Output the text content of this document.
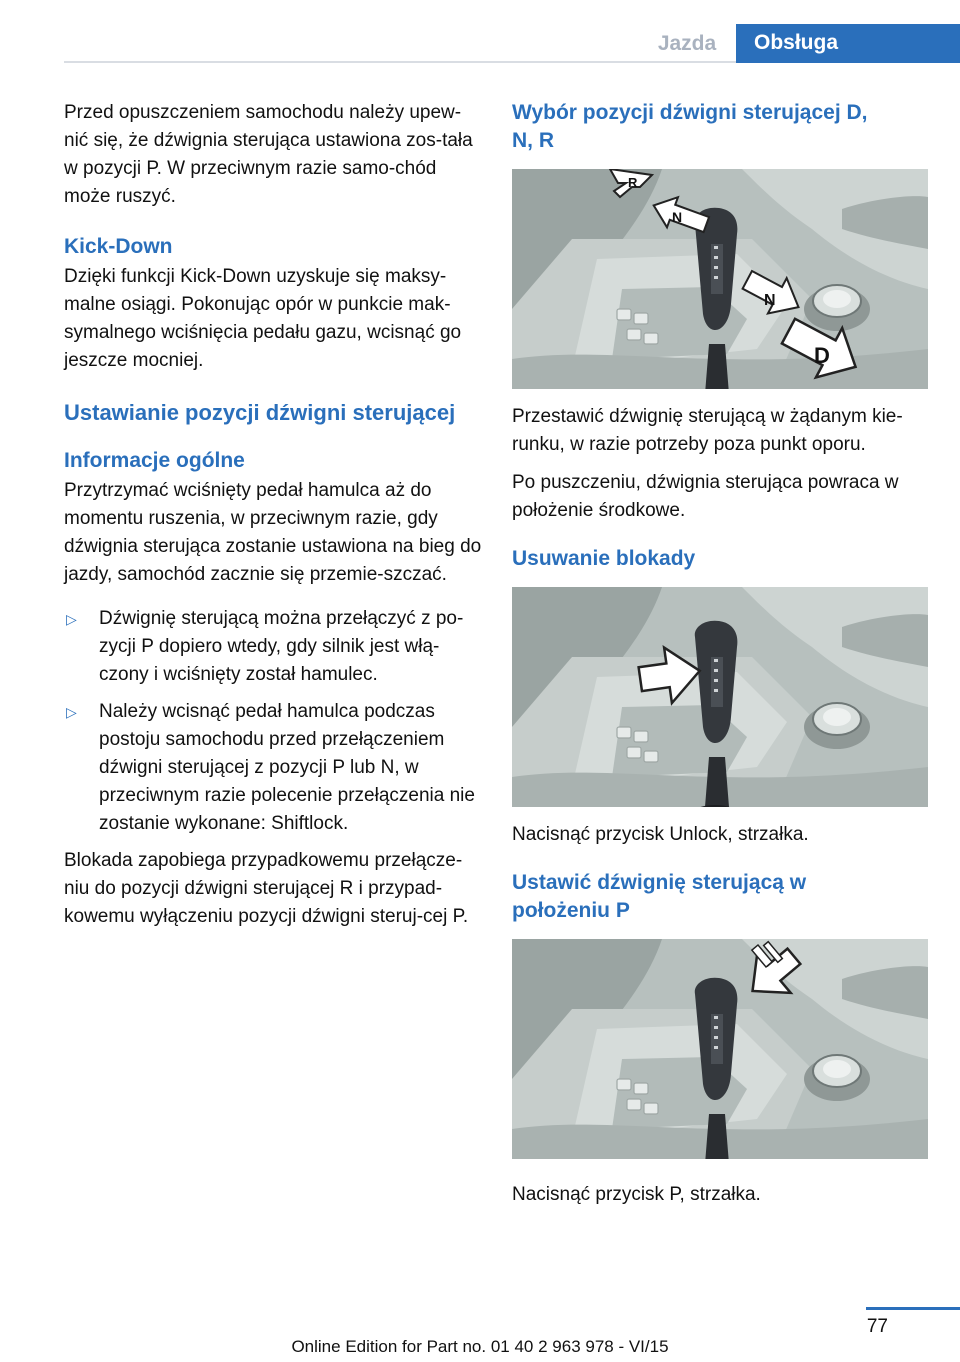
Jazda	Obsługa

Przed opuszczeniem samochodu należy upew‐nić się, że dźwignia sterująca ustawiona zos‐tała w pozycji P. W przeciwnym razie samo‐chód może ruszyć.

Kick-Down

Dzięki funkcji Kick-Down uzyskuje się maksy‐malne osiągi. Pokonując opór w punkcie mak‐symalnego wciśnięcia pedału gazu, wcisnąć go jeszcze mocniej.

Ustawianie pozycji dźwigni sterującej
Informacje ogólne

Przytrzymać wciśnięty pedał hamulca aż do momentu ruszenia, w przeciwnym razie, gdy dźwignia sterująca zostanie ustawiona na bieg do jazdy, samochód zacznie się przemie‐szczać.

▷ Dźwignię sterującą można przełączyć z po‐zycji P dopiero wtedy, gdy silnik jest włą‐czony i wciśnięty został hamulec.
▷ Należy wcisnąć pedał hamulca podczas postoju samochodu przed przełączeniem dźwigni sterującej z pozycji P lub N, w przeciwnym razie polecenie przełączenia nie zostanie wykonane: Shiftlock.

Blokada zapobiega przypadkowemu przełącze‐niu do pozycji dźwigni sterującej R i przypad‐kowemu wyłączeniu pozycji dźwigni steruj‐cej P.

Wybór pozycji dźwigni sterującej D, N, R
R
N
N
D

Przestawić dźwignię sterującą w żądanym kie‐runku, w razie potrzeby poza punkt oporu.

Po puszczeniu, dźwignia sterująca powraca w położenie środkowe.

Usuwanie blokady

Nacisnąć przycisk Unlock, strzałka.

Ustawić dźwignię sterującą w położeniu P

Nacisnąć przycisk P, strzałka.

77
Online Edition for Part no. 01 40 2 963 978 - VI/15
